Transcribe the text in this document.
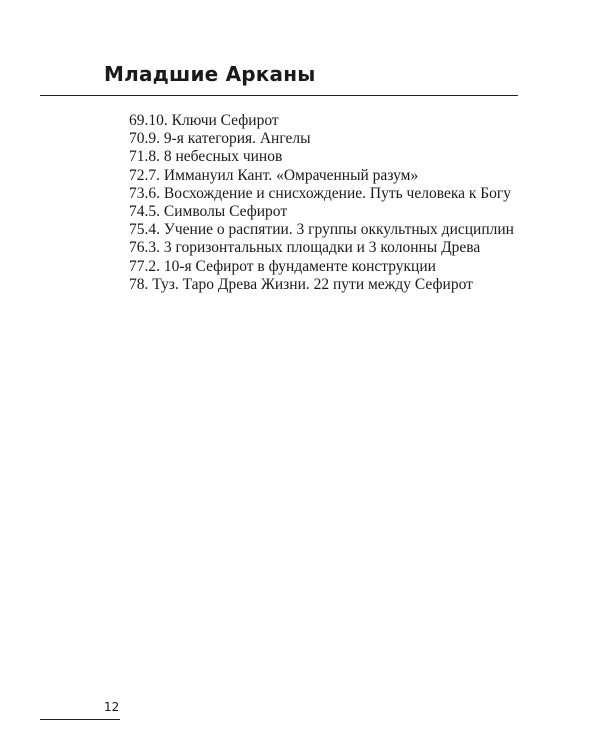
Младшие Арканы
69.10. Ключи Сефирот
70.9. 9-я категория. Ангелы
71.8. 8 небесных чинов
72.7. Иммануил Кант. «Омраченный разум»
73.6. Восхождение и снисхождение. Путь человека к Богу
74.5. Символы Сефирот
75.4. Учение о распятии. 3 группы оккультных дисциплин
76.3. 3 горизонтальных площадки и 3 колонны Древа
77.2. 10-я Сефирот в фундаменте конструкции
78. Туз. Таро Древа Жизни. 22 пути между Сефирот
12
